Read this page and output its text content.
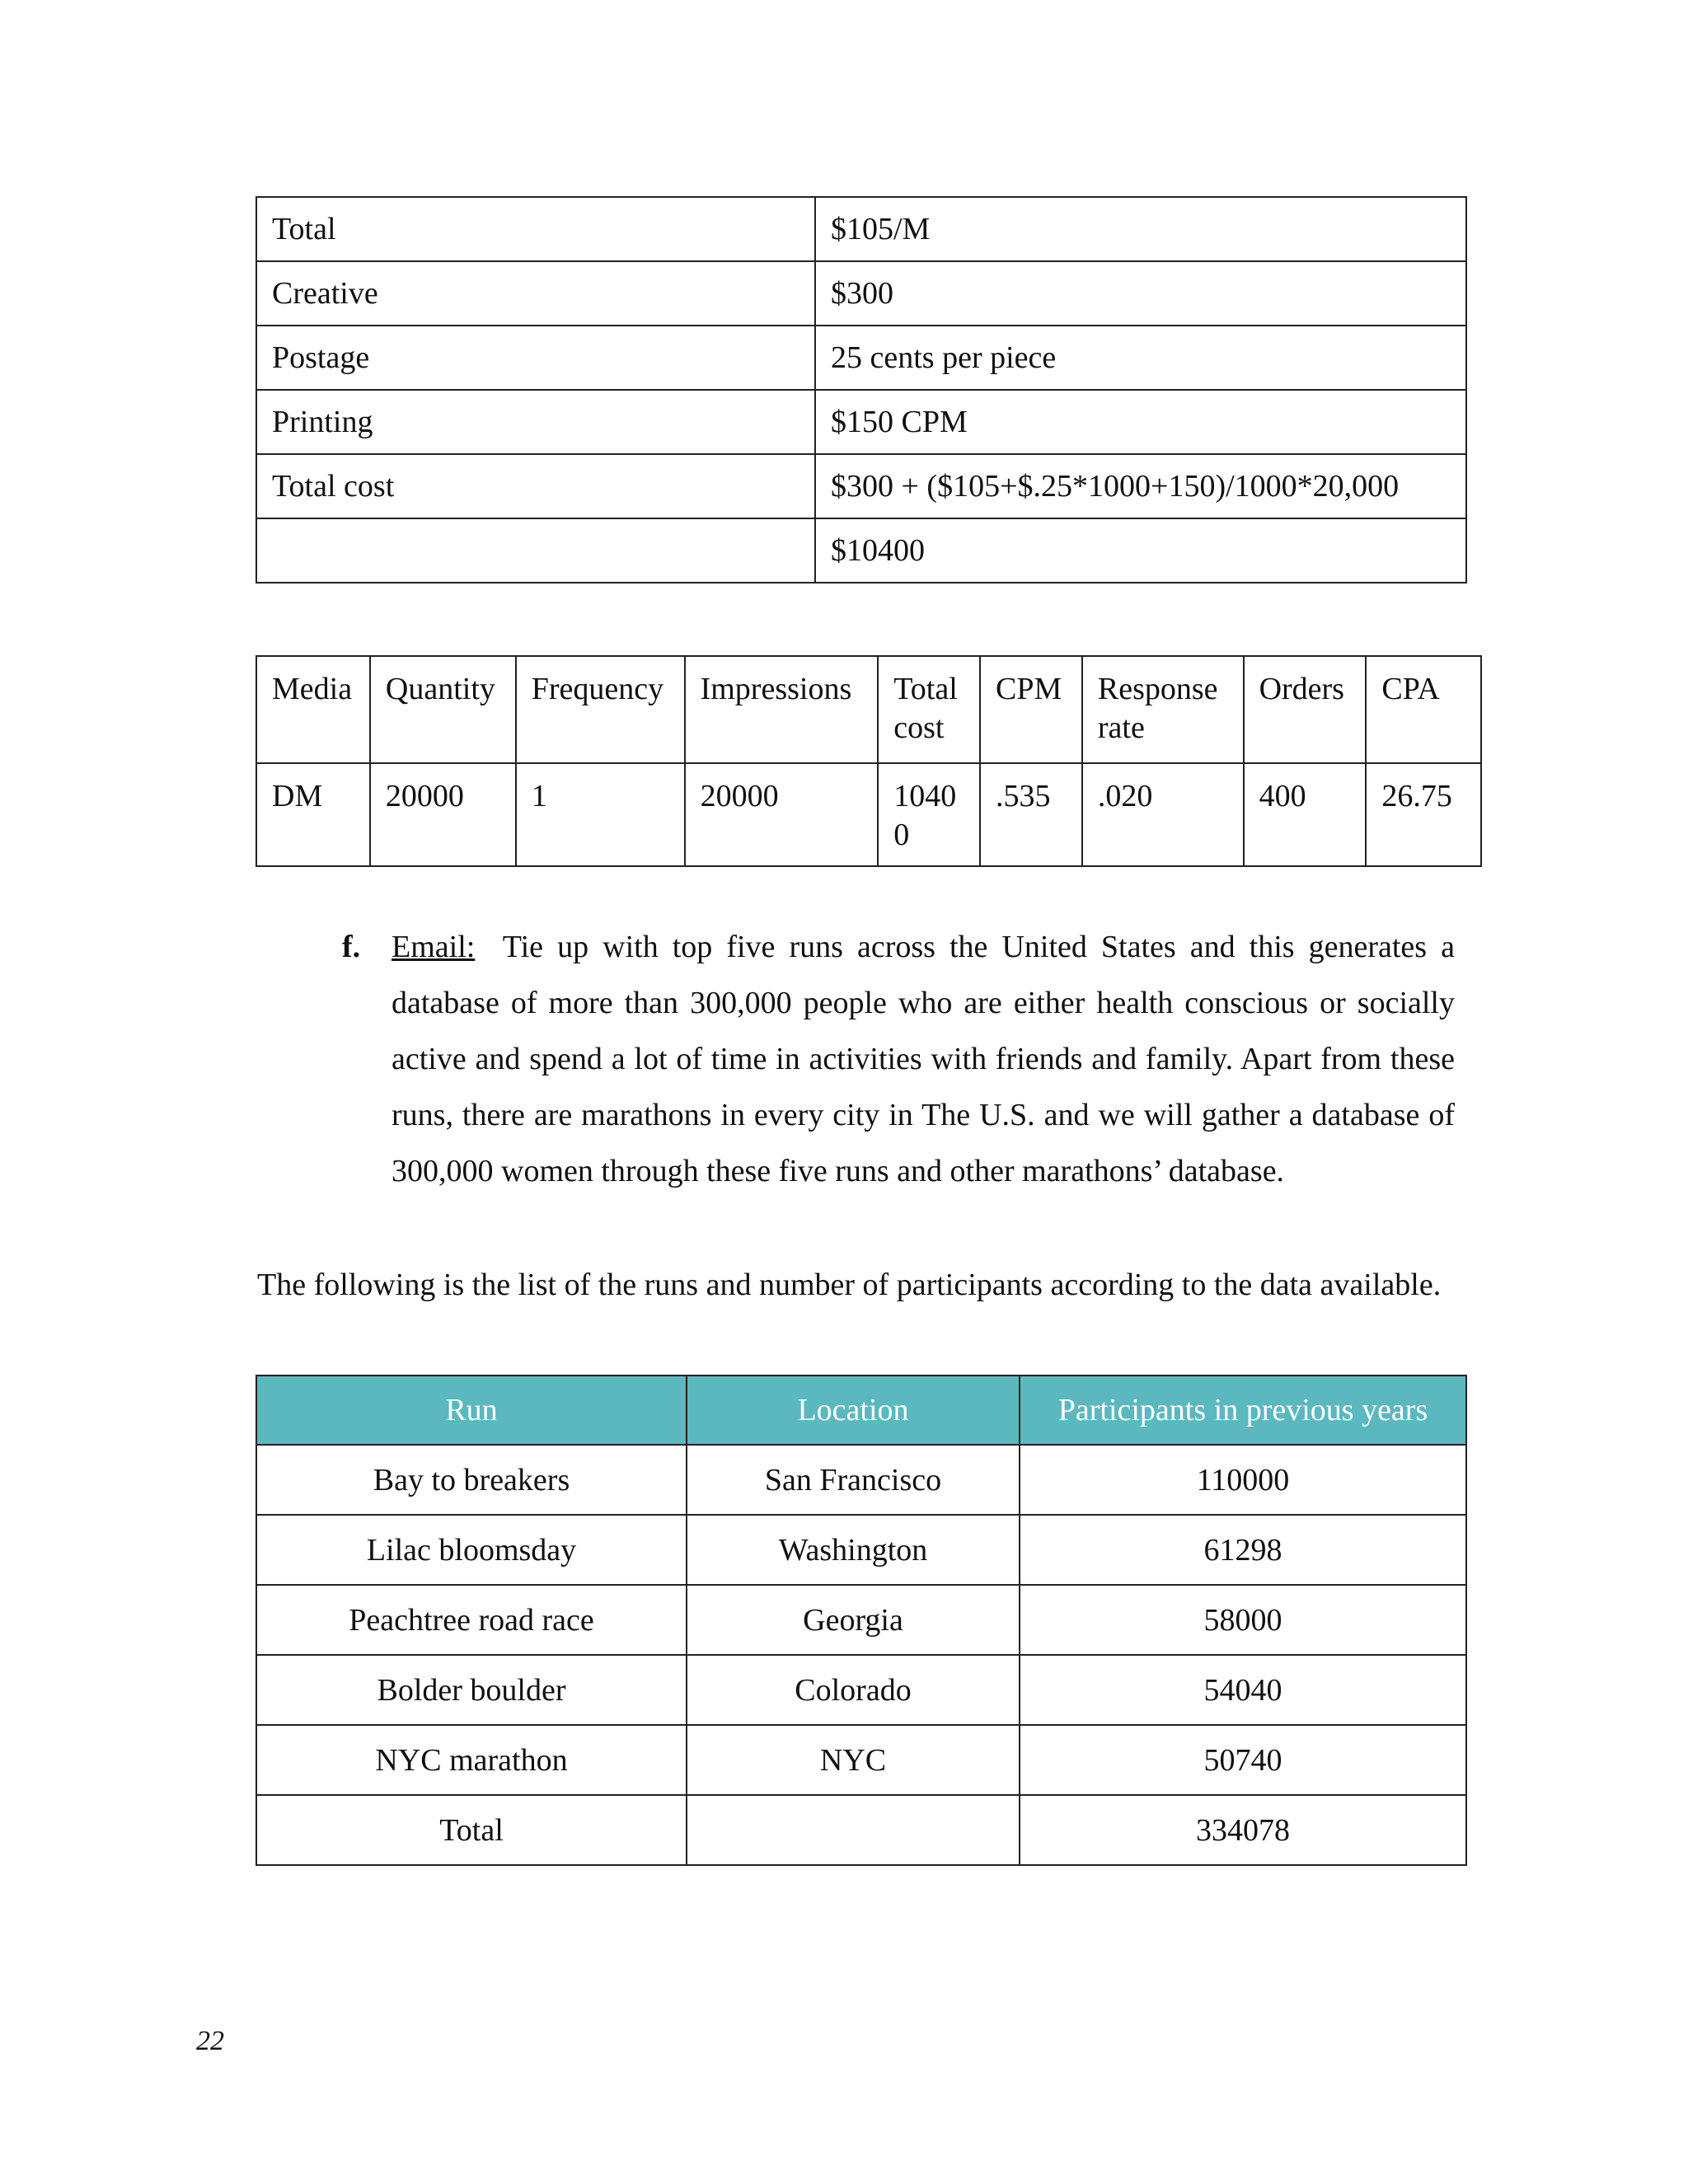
Total	$105/M
Creative	$300
Postage	25 cents per piece
Printing	$150 CPM
Total cost	$300 + ($105+$.25*1000+150)/1000*20,000
	$10400
Media	Quantity	Frequency	Impressions	Total cost	CPM	Response rate	Orders	CPA
DM	20000	1	20000	10400	.535	.020	400	26.75
f. Email: Tie up with top five runs across the United States and this generates a database of more than 300,000 people who are either health conscious or socially active and spend a lot of time in activities with friends and family. Apart from these runs, there are marathons in every city in The U.S. and we will gather a database of 300,000 women through these five runs and other marathons’ database.
The following is the list of the runs and number of participants according to the data available.
Run	Location	Participants in previous years
Bay to breakers	San Francisco	110000
Lilac bloomsday	Washington	61298
Peachtree road race	Georgia	58000
Bolder boulder	Colorado	54040
NYC marathon	NYC	50740
Total		334078
22
